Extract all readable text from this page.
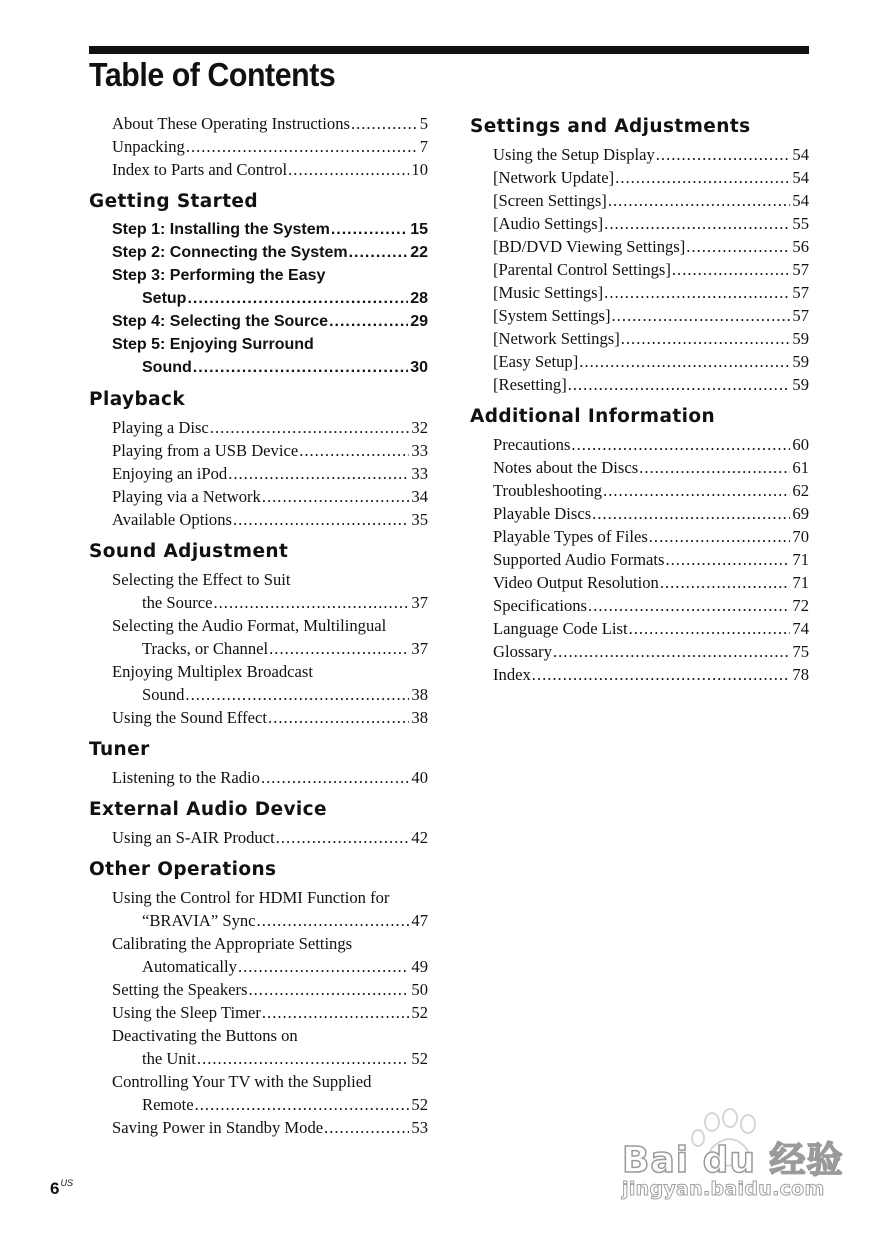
Table of Contents
About These Operating Instructions .....	5
Unpacking .....	7
Index to Parts and Control .....	10
Getting Started
Step 1: Installing the System .....	15
Step 2: Connecting the System .....	22
Step 3: Performing the Easy
Setup .....	28
Step 4: Selecting the Source .....	29
Step 5: Enjoying Surround
Sound .....	30
Playback
Playing a Disc .....	32
Playing from a USB Device .....	33
Enjoying an iPod .....	33
Playing via a Network .....	34
Available Options .....	35
Sound Adjustment
Selecting the Effect to Suit
the Source .....	37
Selecting the Audio Format, Multilingual
Tracks, or Channel .....	37
Enjoying Multiplex Broadcast
Sound .....	38
Using the Sound Effect .....	38
Tuner
Listening to the Radio .....	40
External Audio Device
Using an S-AIR Product .....	42
Other Operations
Using the Control for HDMI Function for
“BRAVIA” Sync .....	47
Calibrating the Appropriate Settings
Automatically .....	49
Setting the Speakers .....	50
Using the Sleep Timer .....	52
Deactivating the Buttons on
the Unit .....	52
Controlling Your TV with the Supplied
Remote .....	52
Saving Power in Standby Mode .....	53
Settings and Adjustments
Using the Setup Display .....	54
[Network Update] .....	54
[Screen Settings] .....	54
[Audio Settings] .....	55
[BD/DVD Viewing Settings] .....	56
[Parental Control Settings] .....	57
[Music Settings] .....	57
[System Settings] .....	57
[Network Settings] .....	59
[Easy Setup] .....	59
[Resetting] .....	59
Additional Information
Precautions .....	60
Notes about the Discs .....	61
Troubleshooting .....	62
Playable Discs .....	69
Playable Types of Files .....	70
Supported Audio Formats .....	71
Video Output Resolution .....	71
Specifications .....	72
Language Code List .....	74
Glossary .....	75
Index .....	78
$6^{US}$
Bai du 经验
jingyan.baidu.com
